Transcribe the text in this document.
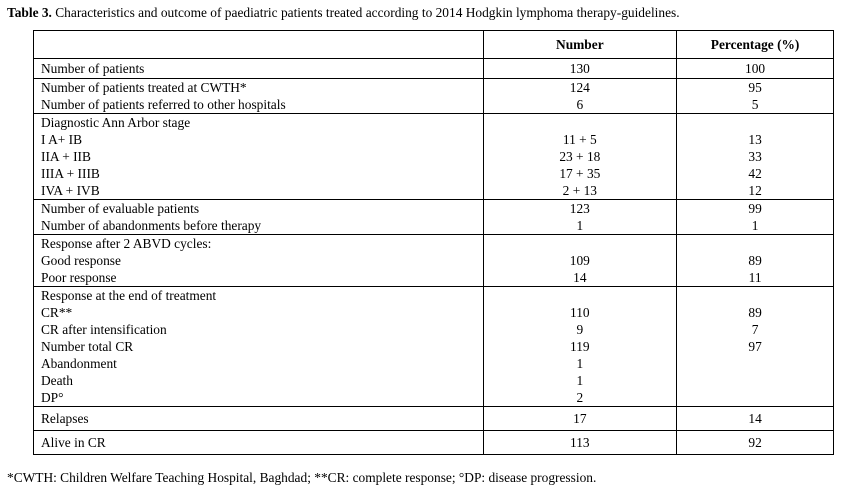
Table 3. Characteristics and outcome of paediatric patients treated according to 2014 Hodgkin lymphoma therapy-guidelines.
	Number	Percentage (%)
Number of patients	130	100
Number of patients treated at CWTH*	124	95
Number of patients referred to other hospitals	6	5
Diagnostic Ann Arbor stage		
I A+ IB	11 + 5	13
IIA + IIB	23 + 18	33
IIIA + IIIB	17 + 35	42
IVA + IVB	2 + 13	12
Number of evaluable patients	123	99
Number of abandonments before therapy	1	1
Response after 2 ABVD cycles:		
Good response	109	89
Poor response	14	11
Response at the end of treatment		
CR**	110	89
CR after intensification	9	7
Number total CR	119	97
Abandonment	1	
Death	1	
DP°	2	
Relapses	17	14
Alive in CR	113	92
*CWTH: Children Welfare Teaching Hospital, Baghdad; **CR: complete response; °DP: disease progression.
